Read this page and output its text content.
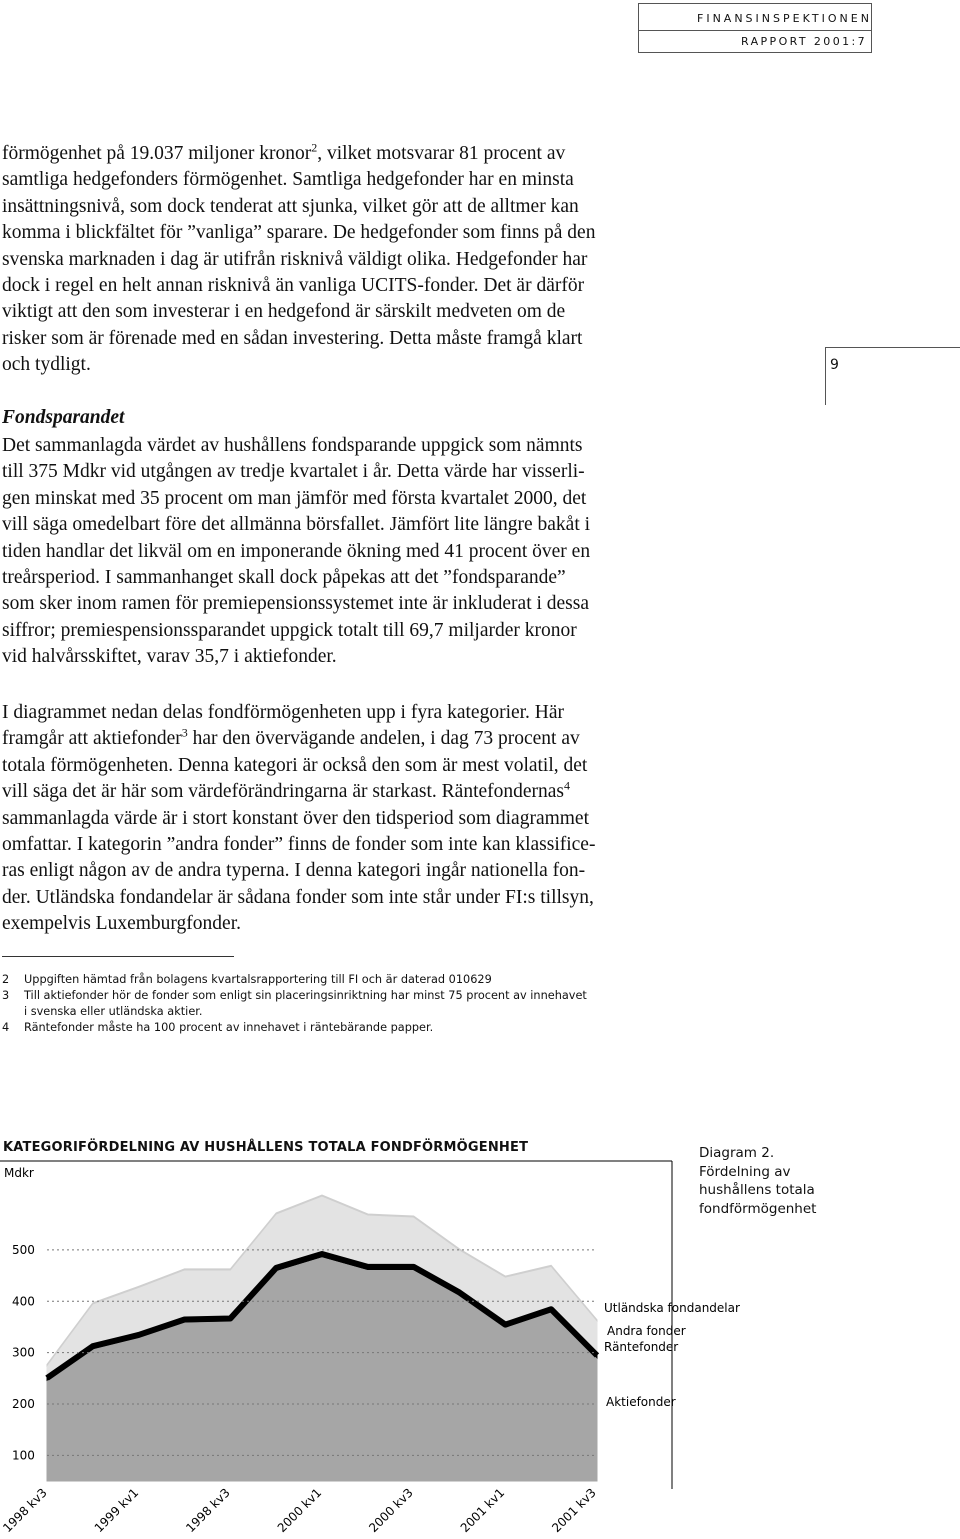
FINANSINSPEKTIONEN
RAPPORT 2001:7
9

förmögenhet på 19.037 miljoner kronor$^2$, vilket motsvarar 81 procent av
samtliga hedgefonders förmögenhet. Samtliga hedgefonder har en minsta
insättningsnivå, som dock tenderat att sjunka, vilket gör att de alltmer kan
komma i blickfältet för ”vanliga” sparare. De hedgefonder som finns på den
svenska marknaden i dag är utifrån risknivå väldigt olika. Hedgefonder har
dock i regel en helt annan risknivå än vanliga UCITS-fonder. Det är därför
viktigt att den som investerar i en hedgefond är särskilt medveten om de
risker som är förenade med en sådan investering. Detta måste framgå klart
och tydligt.

Fondsparandet

Det sammanlagda värdet av hushållens fondsparande uppgick som nämnts
till 375 Mdkr vid utgången av tredje kvartalet i år. Detta värde har visserli-
gen minskat med 35 procent om man jämför med första kvartalet 2000, det
vill säga omedelbart före det allmänna börsfallet. Jämfört lite längre bakåt i
tiden handlar det likväl om en imponerande ökning med 41 procent över en
treårsperiod. I sammanhanget skall dock påpekas att det ”fondsparande”
som sker inom ramen för premiepensionssystemet inte är inkluderat i dessa
siffror; premiespensionssparandet uppgick totalt till 69,7 miljarder kronor
vid halvårsskiftet, varav 35,7 i aktiefonder.

I diagrammet nedan delas fondförmögenheten upp i fyra kategorier. Här
framgår att aktiefonder$^3$ har den övervägande andelen, i dag 73 procent av
totala förmögenheten. Denna kategori är också den som är mest volatil, det
vill säga det är här som värdeförändringarna är starkast. Räntefondernas$^4$
sammanlagda värde är i stort konstant över den tidsperiod som diagrammet
omfattar. I kategorin ”andra fonder” finns de fonder som inte kan klassifice-
ras enligt någon av de andra typerna. I denna kategori ingår nationella fon-
der. Utländska fondandelar är sådana fonder som inte står under FI:s tillsyn,
exempelvis Luxemburgfonder.

2	Uppgiften hämtad från bolagens kvartalsrapportering till FI och är daterad 010629
3	Till aktiefonder hör de fonder som enligt sin placeringsinriktning har minst 75 procent av innehavet
i svenska eller utländska aktier.
4	Räntefonder måste ha 100 procent av innehavet i räntebärande papper.
Mdkr
100
200
300
400
500
1998 kv3	1999 kv1	1998 kv3	2000 kv1	2000 kv3	2001 kv1	2001 kv3
Utländska fondandelar
Andra fonder
Räntefonder
Aktiefonder
KATEGORIFÖRDELNING AV HUSHÅLLENS TOTALA FONDFÖRMÖGENHET	Diagram 2.
Fördelning av
hushållens totala
fondförmögenhet
